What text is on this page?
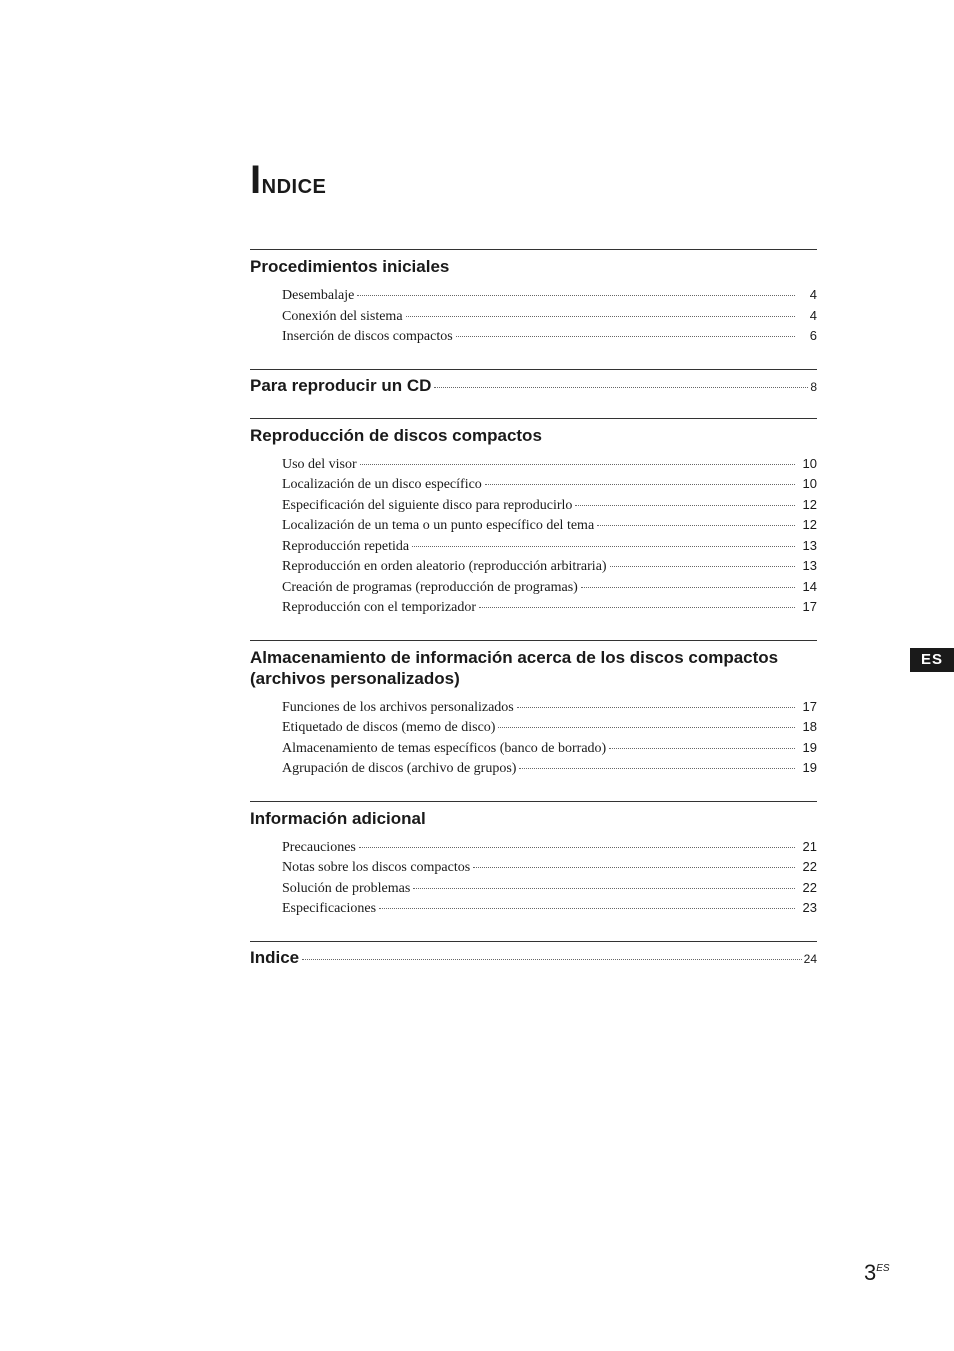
Indice
Procedimientos iniciales
Desembalaje	4
Conexión del sistema	4
Inserción de discos compactos	6
Para reproducir un CD	8
Reproducción de discos compactos
Uso del visor	10
Localización de un disco específico	10
Especificación del siguiente disco para reproducirlo	12
Localización de un tema o un punto específico del tema	12
Reproducción repetida	13
Reproducción en orden aleatorio (reproducción arbitraria)	13
Creación de programas (reproducción de programas)	14
Reproducción con el temporizador	17
Almacenamiento de información acerca de los discos compactos
(archivos personalizados)
Funciones de los archivos personalizados	17
Etiquetado de discos (memo de disco)	18
Almacenamiento de temas específicos (banco de borrado)	19
Agrupación de discos (archivo de grupos)	19
Información adicional
Precauciones	21
Notas sobre los discos compactos	22
Solución de problemas	22
Especificaciones	23
Indice	24
ES
$3^{ES}$
